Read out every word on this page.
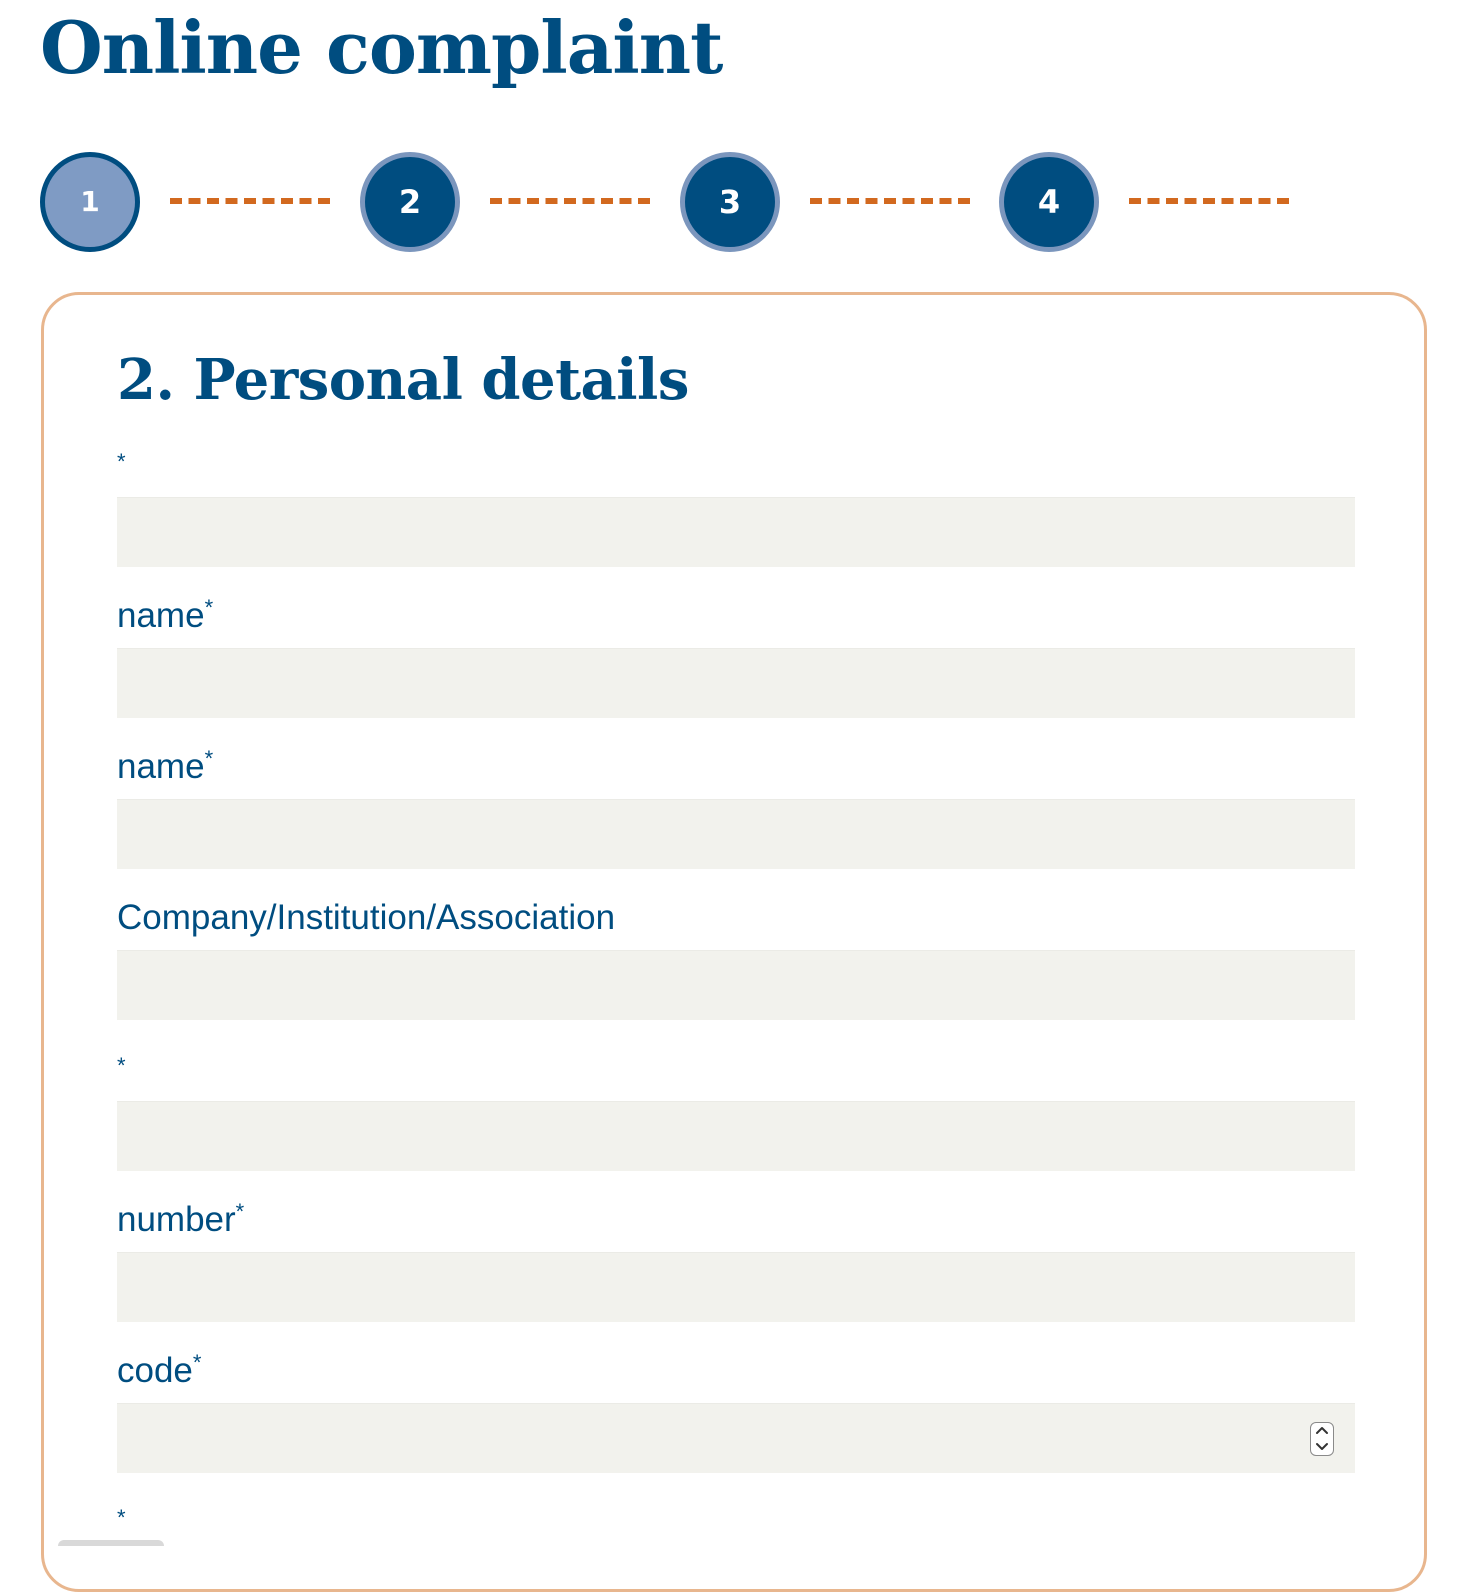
Online complaint
1	2	3	4
2. Personal details
*
name*
name*
Company/Institution/Association
*
number*
code*
*
